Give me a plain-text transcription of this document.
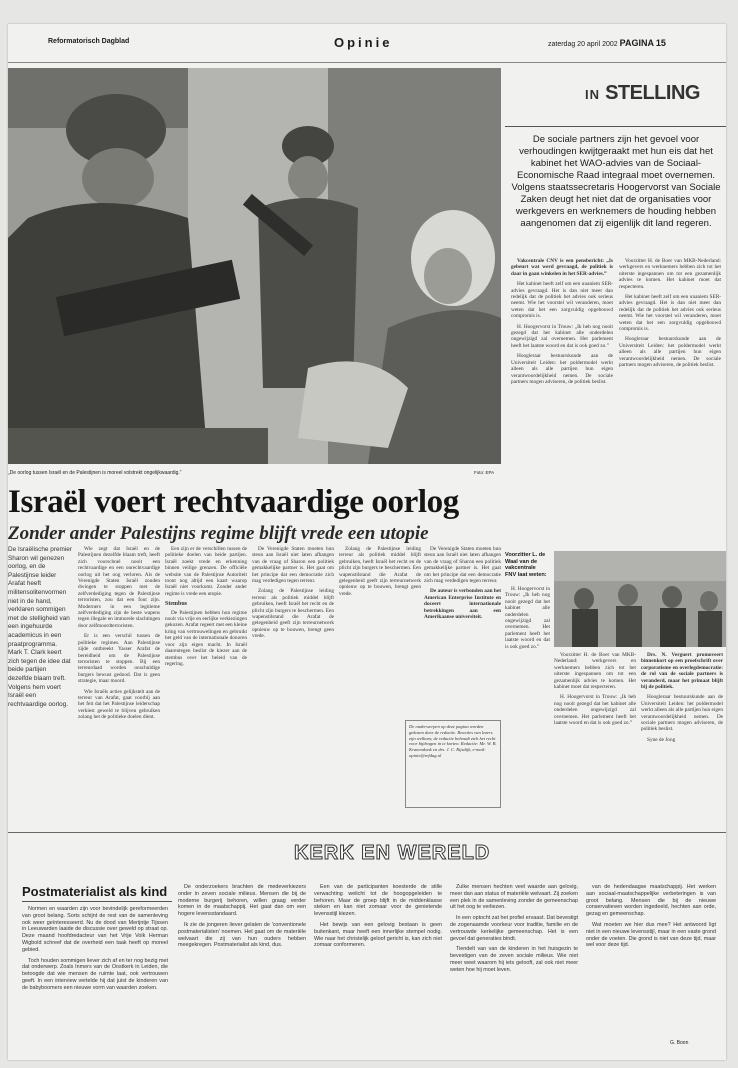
Reformatorisch Dagblad	Opinie	zaterdag 20 april 2002 PAGINA 15
„De oorlog tussen Israël en de Palestijnen is moreel volstrekt ongelijkwaardig.”	Foto: EPA
Israël voert rechtvaardige oorlog
Zonder ander Palestijns regime blijft vrede een utopie
De Israëlische premier Sharon wil genezen oorlog, en de Palestijnse leider Arafat heeft militensolitenvormen niet in de hand, verklaren sommigen met de stelligheid van een ingehuurde academicus in een praatprogramma. Mark T. Clark keert zich tegen de idee dat beide partijen dezelfde blaam treft. Volgens hem voert Israël een rechtvaardige oorlog.

Wie zegt dat Israël en de Palestijnen dezelfde blaam treft, heeft zich voorschnel nooit een rechtvaardige en een onrechtvaardige oorlog uit het oog verloren. Als de Verenigde Staten Israël zouden dwingen te stoppen met de zelfverdediging tegen de Palestijnse terroristen, zou dat een fout zijn. Moderners in een legitieme zelfverdediging zijn de beste wapens tegen illegale en immorele slachtingen door zelfmoordterroristen.

Er is een verschil tussen de politieke regimes. Aan Palestijnse zijde ontbreekt Yasser Arafat de bereidheid om de Palestijnse terroristen te stoppen. Bij een terreurdaad worden onschuldige burgers bewust gedood. Dat is geen strategie, maar moord.

Wie Israëls acties gelijkstelt aan de terreur van Arafat, gaat voorbij aan het feit dat het Palestijnse leiderschap verkiest geweld te blijven gebruiken zolang het de politieke doelen dient.

Een zijn er de verschillen tussen de politieke doelen van beide partijen. Israël zoekt vrede en erkenning binnen veilige grenzen. De officiële website van de Palestijnse Autoriteit toont nog altijd een kaart waarop Israël niet voorkomt. Zonder ander regime is vrede een utopie.

Stembus

De Palestijnen hebben hun regime nooit via vrije en eerlijke verkiezingen gekozen. Arafat regeert met een kleine kring van vertrouwelingen en gebruikt het geld van de internationale donoren voor zijn eigen macht. In Israël daarentegen beslist de kiezer aan de stembus over het beleid van de regering.

De Verenigde Staten moeten hun steun aan Israël niet laten afhangen van de vraag of Sharon een politiek gemakkelijke partner is. Het gaat om het principe dat een democratie zich mag verdedigen tegen terreur.

Zolang de Palestijnse leiding terreur als politiek middel blijft gebruiken, heeft Israël het recht en de plicht zijn burgers te beschermen. Een wapenstilstand die Arafat de gelegenheid geeft zijn terreurnetwerk opnieuw op te bouwen, brengt geen vrede.

Zolang de Palestijnse leiding terreur als politiek middel blijft gebruiken, heeft Israël het recht en de plicht zijn burgers te beschermen. Een wapenstilstand die Arafat de gelegenheid geeft zijn terreurnetwerk opnieuw op te bouwen, brengt geen vrede.

De Verenigde Staten moeten hun steun aan Israël niet laten afhangen van de vraag of Sharon een politiek gemakkelijke partner is. Het gaat om het principe dat een democratie zich mag verdedigen tegen terreur.

De auteur is verbonden aan het American Enterprise Institute en doceert internationale betrekkingen aan een Amerikaanse universiteit.

De onderwerpen op deze pagina worden gekozen door de redactie. Reacties van lezers zijn welkom; de redactie behoudt zich het recht voor bijdragen in te korten. Redactie: Mr. W. B. Kranendonk en drs. J. C. Rijsdijk, e-mail: opinie@refdag.nl
IN STELLING
De sociale partners zijn het gevoel voor verhoudingen kwijtgeraakt met hun eis dat het kabinet het WAO-advies van de Sociaal-Economische Raad integraal moet overnemen. Volgens staatssecretaris Hoogervorst van Sociale Zaken deugt het niet dat de organisaties voor werkgevers en werknemers de houding hebben aangenomen dat zij eigenlijk dit land regeren.

Vakcentrale CNV is een pensbericht: „Is gebeurt wat werd gevraagd, de politiek is daar in gaan winkelen in het SER-advies.”

Het kabinet heeft zelf om een unaniem SER-advies gevraagd. Het is dan niet meer dan redelijk dat de politiek het advies ook serieus neemt. Wie het voorstel wil veranderen, moet weten dat het een zorgvuldig opgebouwd compromis is.

H. Hoogervorst in Trouw: „Ik heb nog nooit gezegd dat het kabinet alle onderdelen ongewijzigd zal overnemen. Het parlement heeft het laatste woord en dat is ook goed zo.”

Hoogleraar bestuurskunde aan de Universiteit Leiden: het poldermodel werkt alleen als alle partijen hun eigen verantwoordelijkheid nemen. De sociale partners mogen adviseren, de politiek beslist.

Voorzitter H. de Boer van MKB-Nederland: werkgevers en werknemers hebben zich tot het uiterste ingespannen om tot een gezamenlijk advies te komen. Het kabinet moet dat respecteren.

Het kabinet heeft zelf om een unaniem SER-advies gevraagd. Het is dan niet meer dan redelijk dat de politiek het advies ook serieus neemt. Wie het voorstel wil veranderen, moet weten dat het een zorgvuldig opgebouwd compromis is.

Hoogleraar bestuurskunde aan de Universiteit Leiden: het poldermodel werkt alleen als alle partijen hun eigen verantwoordelijkheid nemen. De sociale partners mogen adviseren, de politiek beslist.

Voorzitter L. de Waal van de vakcentrale FNV laat weten:

H. Hoogervorst in Trouw: „Ik heb nog nooit gezegd dat het kabinet alle onderdelen ongewijzigd zal overnemen. Het parlement heeft het laatste woord en dat is ook goed zo.”

Voorzitter H. de Boer van MKB-Nederland: werkgevers en werknemers hebben zich tot het uiterste ingespannen om tot een gezamenlijk advies te komen. Het kabinet moet dat respecteren.

H. Hoogervorst in Trouw: „Ik heb nog nooit gezegd dat het kabinet alle onderdelen ongewijzigd zal overnemen. Het parlement heeft het laatste woord en dat is ook goed zo.”

Drs. N. Verguert promoveert binnenkort op een proefschrift over corporatisme en overlegdemocratie: de rol van de sociale partners is veranderd, maar het primaat blijft bij de politiek.

Hoogleraar bestuurskunde aan de Universiteit Leiden: het poldermodel werkt alleen als alle partijen hun eigen verantwoordelijkheid nemen. De sociale partners mogen adviseren, de politiek beslist.

Syne de Jong

KERK EN WERELD
Postmaterialist als kind

Normen en waarden zijn voor bevindelijk gereformeerden van groot belang. Sorts schijnt de rest van de samenleving ook weer geïnteresseerd. Nu de dood van Merijntje Tijssen in Leeuwarden laaide de discussie over geweld op straat op. Deze maand hoofdredacteur van het Vrije Volk Herman Wigbold schreef dat de overheid een taak heeft op moreel gebied.

Toch houden sommigen liever zich af en ter nog bezig met dat onderwerp. Zoals Inmers van de Oostkerk in Leiden, die betoogde dat wie mensen de ruimte laat, ook vertrouwen geeft. In een interview vertelde hij dat juist de kinderen van de babyboomers een nieuwe vorm van waarden zoeken.

De onderzoekers brachten de medeverkiezers onder in zeven sociale milieus. Mensen die bij de moderne burgerij behoren, willen graag verder komen in de maatschappij. Het gaat dan om een hogere levensstandaard.

Ik zie de jongeren liever gelaten de 'conventionele postmaterialisten' noemen. Het gaat om de materiële welvaart die zij van hun ouders hebben meegekregen. Postmaterialist als kind, dus.

Een van de participanten koesterde de stille verwachting welicht tot de hoogopgeleiden te behoren. Maar de groep blijft in de middenklasse steken en kan niet zomaar voor de genietende levensstijl kiezen.

Het bewijs van een gelovig bestaan is geen buitenkant, maar heeft een innerlijke stempel nodig. Wie naar het christelijk geloof gericht is, kan zich niet zomaar conformeren.

Zulke mensen hechten veel waarde aan gelovig, meer dan aan status of materiële welvaart. Zij zoeken een plek in de samenleving zonder de gemeenschap uit het oog te verliezen.

In een optocht zat het profiel ervaast. Dat bevestigt de zogenaamde voorkeur voor traditie, familie en de vertrouwde kerkelijke gemeenschap. Het is een gevoel dat generaties bindt.

Tiendelt van van de kinderen in het huisgezin te bevestigen van de zeven sociale milieus. Wie niet meer weet waarom hij iets gelooft, zal ook niet meer weten hoe hij moet leven.

van de hedendaagse maatschappij. Het werken aan sociaal-maatschappelijke verbeteringen is van groot belang. Mensen die bij de nieuwe conservatieven worden ingedeeld, hechten aan orde, gezag en gemeenschap.

Wat moeten we hier dus mee? Het antwoord ligt niet in een nieuwe levensstijl, maar in een vaste grond onder de voeten. Die grond is niet van deze tijd, maar wel voor deze tijd.

G. Boon
